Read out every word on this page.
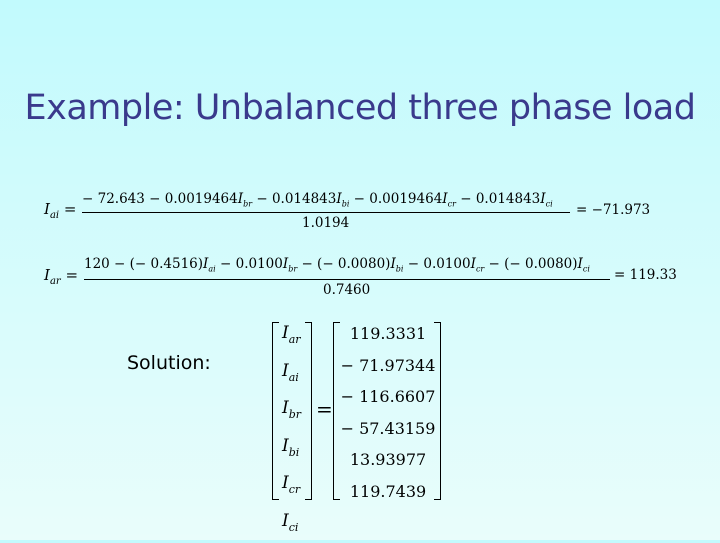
Example: Unbalanced three phase load
$I_{ai}$ =
− $72.643 - 0.0019464I_{br} - 0.014843I_{bi} - 0.0019464I_{cr} - 0.014843I_{ci}$
1.0194
= −71.973
$I_{ar}$ =
120 − (− $0.4516)I_{ai} - 0.0100I_{br}$ − (− $0.0080)I_{bi} - 0.0100I_{cr}$ − (− $0.0080)I_{ci}$
0.7460
= 119.33
Solution:
$I_{ar}$
$I_{ai}$
$I_{br}$
$I_{bi}$
$I_{cr}$
$I_{ci}$
=
119.3331
− 71.97344
− 116.6607
− 57.43159
13.93977
119.7439
